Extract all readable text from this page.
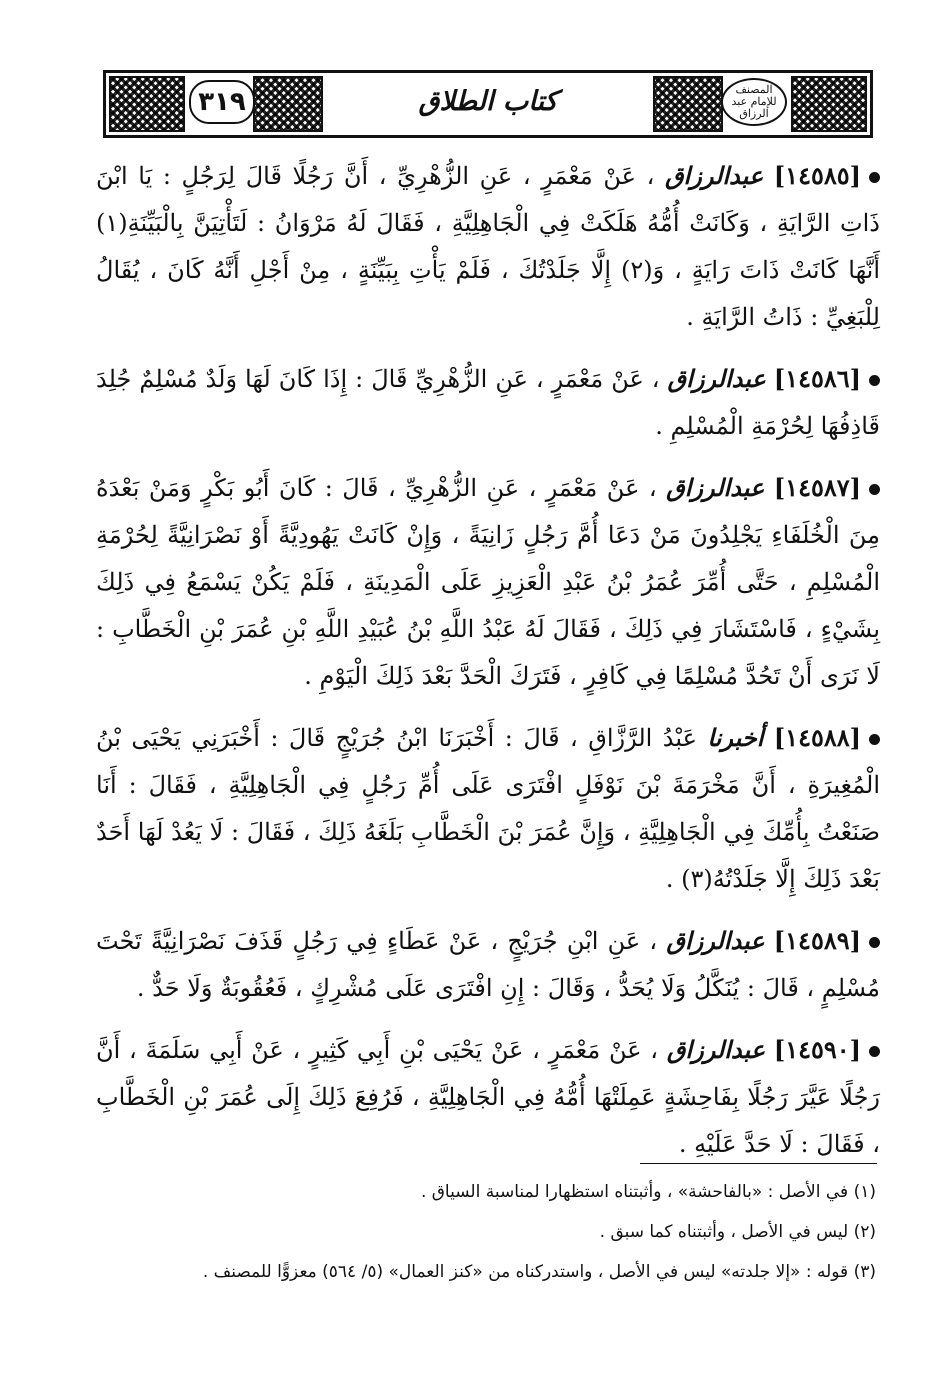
٣١٩	المصنف للإمام عبد الرزاق
كتاب الطلاق

[١٤٥٨٥] عبدالرزاق ، عَنْ مَعْمَرٍ ، عَنِ الزُّهْرِيِّ ، أَنَّ رَجُلًا قَالَ لِرَجُلٍ : يَا ابْنَ ذَاتِ الرَّايَةِ ، وَكَانَتْ أُمُّهُ هَلَكَتْ فِي الْجَاهِلِيَّةِ ، فَقَالَ لَهُ مَرْوَانُ : لَتَأْتِيَنَّ بِالْبَيِّنَةِ(١) أَنَّهَا كَانَتْ ذَاتَ رَايَةٍ ، وَ(٢) إِلَّا جَلَدْتُكَ ، فَلَمْ يَأْتِ بِبَيِّنَةٍ ، مِنْ أَجْلِ أَنَّهُ كَانَ ، يُقَالُ لِلْبَغِيِّ : ذَاتُ الرَّايَةِ .

[١٤٥٨٦] عبدالرزاق ، عَنْ مَعْمَرٍ ، عَنِ الزُّهْرِيِّ قَالَ : إِذَا كَانَ لَهَا وَلَدٌ مُسْلِمٌ جُلِدَ قَاذِفُهَا لِحُرْمَةِ الْمُسْلِمِ .

[١٤٥٨٧] عبدالرزاق ، عَنْ مَعْمَرٍ ، عَنِ الزُّهْرِيِّ ، قَالَ : كَانَ أَبُو بَكْرٍ وَمَنْ بَعْدَهُ مِنَ الْخُلَفَاءِ يَجْلِدُونَ مَنْ دَعَا أُمَّ رَجُلٍ زَانِيَةً ، وَإِنْ كَانَتْ يَهُودِيَّةً أَوْ نَصْرَانِيَّةً لِحُرْمَةِ الْمُسْلِمِ ، حَتَّى أُمِّرَ عُمَرُ بْنُ عَبْدِ الْعَزِيزِ عَلَى الْمَدِينَةِ ، فَلَمْ يَكُنْ يَسْمَعُ فِي ذَلِكَ بِشَيْءٍ ، فَاسْتَشَارَ فِي ذَلِكَ ، فَقَالَ لَهُ عَبْدُ اللَّهِ بْنُ عُبَيْدِ اللَّهِ بْنِ عُمَرَ بْنِ الْخَطَّابِ : لَا نَرَى أَنْ تَحُدَّ مُسْلِمًا فِي كَافِرٍ ، فَتَرَكَ الْحَدَّ بَعْدَ ذَلِكَ الْيَوْمِ .

[١٤٥٨٨] أخبرنا عَبْدُ الرَّزَّاقِ ، قَالَ : أَخْبَرَنَا ابْنُ جُرَيْجٍ قَالَ : أَخْبَرَنِي يَحْيَى بْنُ الْمُغِيرَةِ ، أَنَّ مَخْرَمَةَ بْنَ نَوْفَلٍ افْتَرَى عَلَى أُمِّ رَجُلٍ فِي الْجَاهِلِيَّةِ ، فَقَالَ : أَنَا صَنَعْتُ بِأُمِّكَ فِي الْجَاهِلِيَّةِ ، وَإِنَّ عُمَرَ بْنَ الْخَطَّابِ بَلَغَهُ ذَلِكَ ، فَقَالَ : لَا يَعُدْ لَهَا أَحَدٌ بَعْدَ ذَلِكَ إِلَّا جَلَدْتُهُ(٣) .

[١٤٥٨٩] عبدالرزاق ، عَنِ ابْنِ جُرَيْجٍ ، عَنْ عَطَاءٍ فِي رَجُلٍ قَذَفَ نَصْرَانِيَّةً تَحْتَ مُسْلِمٍ ، قَالَ : يُنَكَّلُ وَلَا يُحَدُّ ، وَقَالَ : إِنِ افْتَرَى عَلَى مُشْرِكٍ ، فَعُقُوبَةٌ وَلَا حَدٌّ .

[١٤٥٩٠] عبدالرزاق ، عَنْ مَعْمَرٍ ، عَنْ يَحْيَى بْنِ أَبِي كَثِيرٍ ، عَنْ أَبِي سَلَمَةَ ، أَنَّ رَجُلًا عَيَّرَ رَجُلًا بِفَاحِشَةٍ عَمِلَتْهَا أُمُّهُ فِي الْجَاهِلِيَّةِ ، فَرُفِعَ ذَلِكَ إِلَى عُمَرَ بْنِ الْخَطَّابِ ، فَقَالَ : لَا حَدَّ عَلَيْهِ .

(١) في الأصل : «بالفاحشة» ، وأثبتناه استظهارا لمناسبة السياق .
(٢) ليس في الأصل ، وأثبتناه كما سبق .
(٣) قوله : «إلا جلدته» ليس في الأصل ، واستدركناه من «كنز العمال» (٥/ ٥٦٤) معزوًّا للمصنف .
